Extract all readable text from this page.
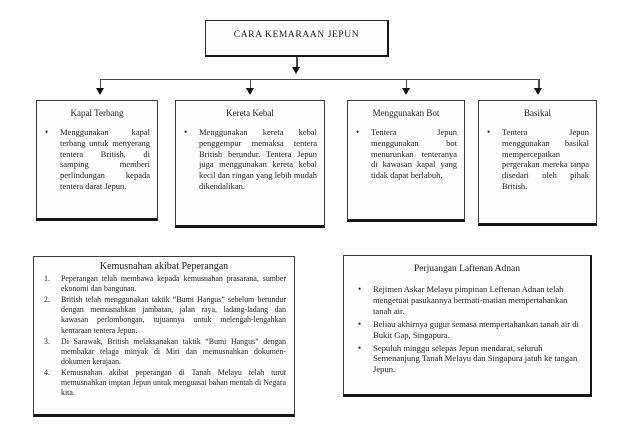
CARA KEMARAAN JEPUN
Kapal Terbang
•	Menggunakan kapal terbang untuk menyerang tentera British, di samping memberi perlindungan kepada tentera darat Jepun.
Kereta Kebal
•	Menggunakan kereta kebal penggempur memaksa tentera British berundur. Tentera Jepun juga menggunakan kereta kebal kecil dan ringan yang lebih mudah dikendalikan.
Menggunakan Bot
•	Tentera Jepun menggunakan bot menurunkan tenteranya di kawasan kapal yang tidak dapat berlabuh.
Basikal
•	Tentera Jepun menggunakan basikal mempercepatkan pergerakan mereka tanpa disedari oleh pihak British.
Kemusnahan akibat Peperangan
1.	Peperangan telah membawa kepada kemusnahan prasarana, sumber ekonomi dan bangunan.
2.	British telah menggunakan taktik “Bumi Hangus” sebelum berundur dengan memusnahkan jambatan, jalan raya, ladang-ladang dan kawasan perlombongan, tujuannya untuk melengah-lengahkan kemaraan tentera Jepun.
3.	Di Sarawak, British melaksanakan taktik “Bumi Hangus” dengan membakar telaga minyak di Miri dan memusnahkan dokumen- dokumen kerajaan.
4.	Kemusnahan akibat peperangan di Tanah Melayu telah turut memusnahkan impian Jepun untuk menguasai bahan mentah di Negara kita.
Perjuangan Laftenan Adnan
•	Rejimen Askar Melayu pimpinan Leftenan Adnan telah mengetuai pasukannya bermati-matian mempertahankan tanah air.
•	Beliau akhirnya gugur semasa mempertahankan tanah air di Bukit Gap, Singapura.
•	Sepuluh minggu selepas Jepun mendarat, seluruh Semenanjung Tanah Melayu dan Singapura jatuh ke tangan Jepun.
